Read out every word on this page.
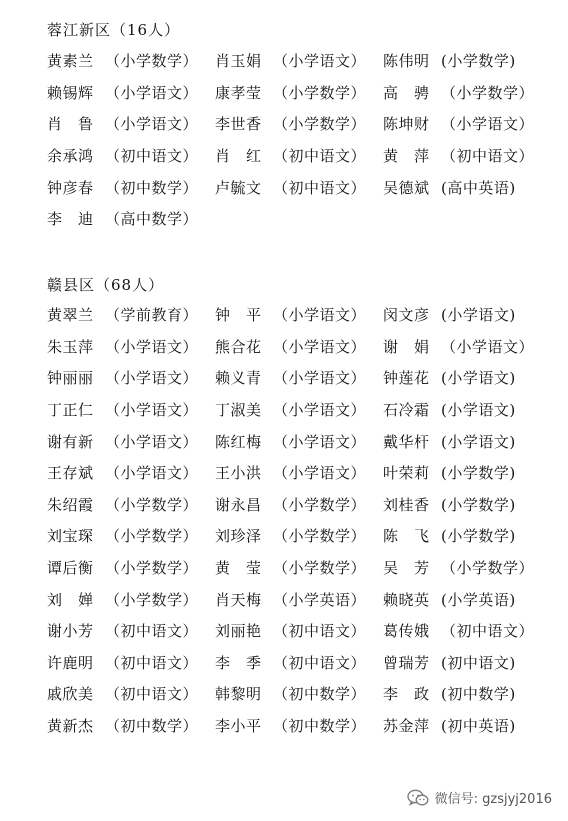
蓉江新区（16人）
黄素兰 （小学数学）	肖玉娟 （小学语文）	陈伟明 (小学数学)
赖锡辉 （小学语文）	康孝莹 （小学数学）	高　骋 （小学数学）
肖　鲁 （小学语文）	李世香 （小学数学）	陈坤财 （小学语文）
余承鸿 （初中语文）	肖　红 （初中语文）	黄　萍 （初中语文）
钟彦春 （初中数学）	卢毓文 （初中语文）	吴德斌 (高中英语)
李　迪 （高中数学）
赣县区（68人）
黄翠兰 （学前教育）	钟　平 （小学语文）	闵文彦 (小学语文)
朱玉萍 （小学语文）	熊合花 （小学语文）	谢　娟 （小学语文）
钟丽丽 （小学语文）	赖义青 （小学语文）	钟莲花 (小学语文)
丁正仁 （小学语文）	丁淑美 （小学语文）	石冷霜 (小学语文)
谢有新 （小学语文）	陈红梅 （小学语文）	戴华杆 (小学语文)
王存斌 （小学语文）	王小洪 （小学语文）	叶荣莉 (小学数学)
朱绍霞 （小学数学）	谢永昌 （小学数学）	刘桂香 (小学数学)
刘宝琛 （小学数学）	刘珍泽 （小学数学）	陈　飞 (小学数学)
谭后衡 （小学数学）	黄　莹 （小学数学）	吴　芳 （小学数学）
刘　婵 （小学数学）	肖天梅 （小学英语）	赖晓英 (小学英语)
谢小芳 （初中语文）	刘丽艳 （初中语文）	葛传娥 （初中语文）
许鹿明 （初中语文）	李　季 （初中语文）	曾瑞芳 (初中语文)
戚欣美 （初中语文）	韩黎明 （初中数学）	李　政 (初中数学)
黄新杰 （初中数学）	李小平 （初中数学）	苏金萍 (初中英语)
微信号: gzsjyj2016
